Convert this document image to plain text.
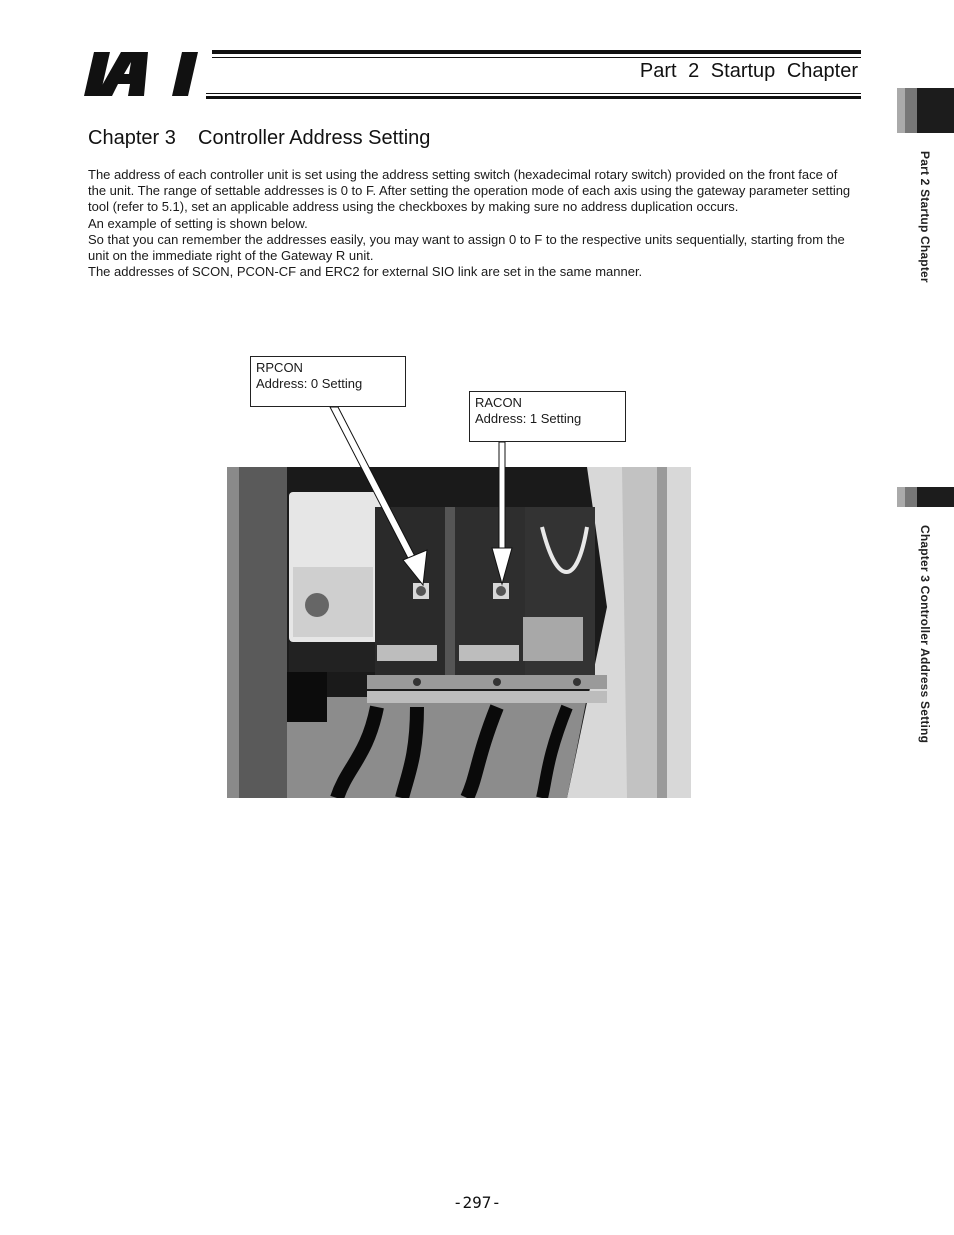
Part 2 Startup Chapter
Chapter 3    Controller Address Setting

The address of each controller unit is set using the address setting switch (hexadecimal rotary switch) provided on the front face of the unit. The range of settable addresses is 0 to F. After setting the operation mode of each axis using the gateway parameter setting tool (refer to 5.1), set an applicable address using the checkboxes by making sure no address duplication occurs.

An example of setting is shown below.

So that you can remember the addresses easily, you may want to assign 0 to F to the respective units sequentially, starting from the unit on the immediate right of the Gateway R unit.

The addresses of SCON, PCON-CF and ERC2 for external SIO link are set in the same manner.

RPCON
Address: 0 Setting
RACON
Address: 1 Setting
Part 2 Startup Chapter
Chapter 3 Controller Address Setting
-297-
